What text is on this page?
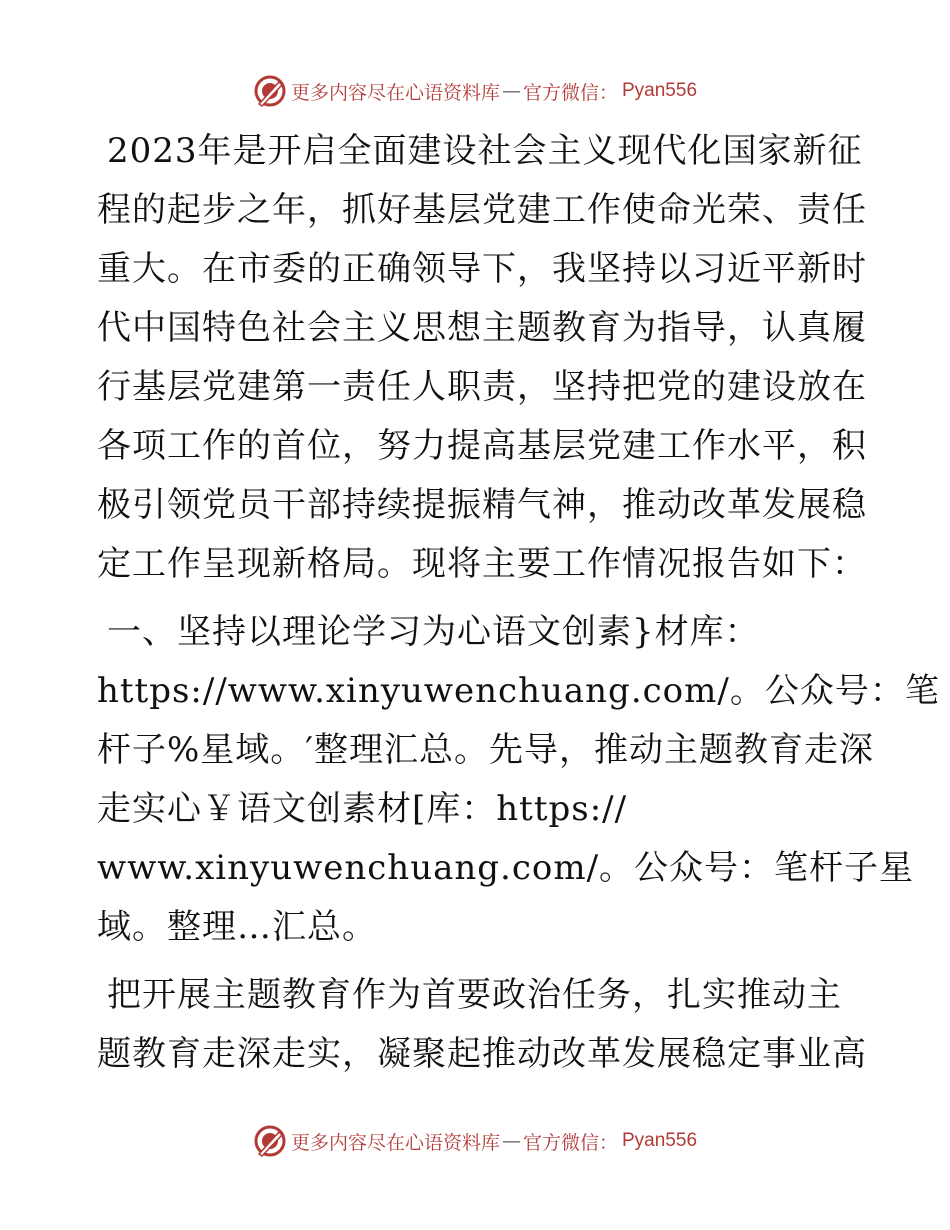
更多内容尽在心语资料库 — 官方微信： Pyan556
2023年是开启全面建设社会主义现代化国家新征
程的起步之年，抓好基层党建工作使命光荣、责任
重大。在市委的正确领导下，我坚持以习近平新时
代中国特色社会主义思想主题教育为指导，认真履
行基层党建第一责任人职责，坚持把党的建设放在
各项工作的首位，努力提高基层党建工作水平，积
极引领党员干部持续提振精气神，推动改革发展稳
定工作呈现新格局。现将主要工作情况报告如下：
一、坚持以理论学习为心语文创素}材库：
https://www.xinyuwenchuang.com/。公众号：笔
杆子%星域。′整理汇总。先导，推动主题教育走深
走实心￥语文创素材[库：https://
www.xinyuwenchuang.com/。公众号：笔杆子星
域。整理…汇总。
把开展主题教育作为首要政治任务，扎实推动主
题教育走深走实，凝聚起推动改革发展稳定事业高
更多内容尽在心语资料库 — 官方微信： Pyan556
